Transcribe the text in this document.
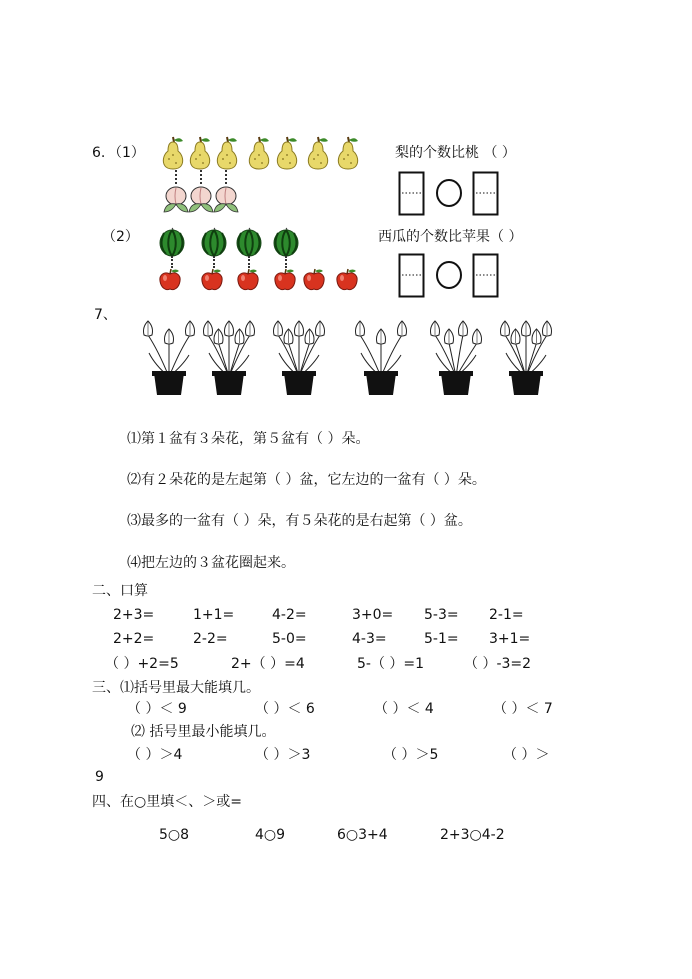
6. （1）	梨的个数比桃 （ ）
（2）	西瓜的个数比苹果（ ）
7、
⑴第１盆有３朵花，第５盆有（ ）朵。
⑵有２朵花的是左起第（ ）盆，它左边的一盆有（ ）朵。
⑶最多的一盆有（ ）朵，有５朵花的是右起第（ ）盆。
⑷把左边的３盆花圈起来。
二、口算
2+3=	1+1=	4-2=	3+0= 5-3= 2-1=
2+2=	2-2=	5-0=	4-3=	5-1= 3+1=
（ ）+2=5	2+（ ）=4	5-（ ）=1	（ ）-3=2
三、⑴括号里最大能填几。
（ ）＜ 9	（ ）＜ 6	（ ）＜ 4	（ ）＜ 7
⑵ 括号里最小能填几。
（ ）＞4	（ ）＞3	（ ）＞5	（ ）＞
9
四、在○里填＜、＞或=
5○8	4○9	6○3+4	2+3○4-2
